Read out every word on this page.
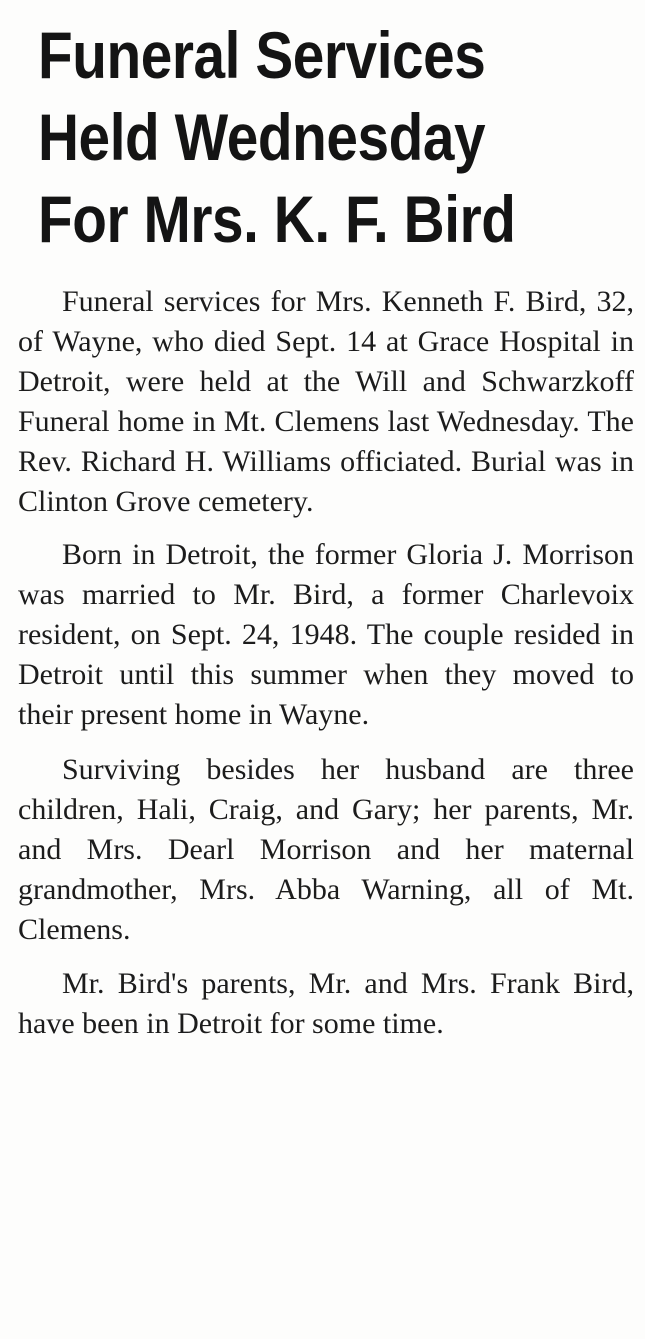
Funeral Services
Held Wednesday
For Mrs. K. F. Bird

Funeral services for Mrs. Kenneth F. Bird, 32, of Wayne, who died Sept. 14 at Grace Hospital in Detroit, were held at the Will and Schwarzkoff Funeral home in Mt. Clemens last Wednesday. The Rev. Richard H. Williams officiated. Burial was in Clinton Grove cemetery.

Born in Detroit, the former Gloria J. Morrison was married to Mr. Bird, a former Charlevoix resident, on Sept. 24, 1948. The couple resided in Detroit until this summer when they moved to their present home in Wayne.

Surviving besides her husband are three children, Hali, Craig, and Gary; her parents, Mr. and Mrs. Dearl Morrison and her maternal grandmother, Mrs. Abba Warning, all of Mt. Clemens.

Mr. Bird's parents, Mr. and Mrs. Frank Bird, have been in Detroit for some time.
